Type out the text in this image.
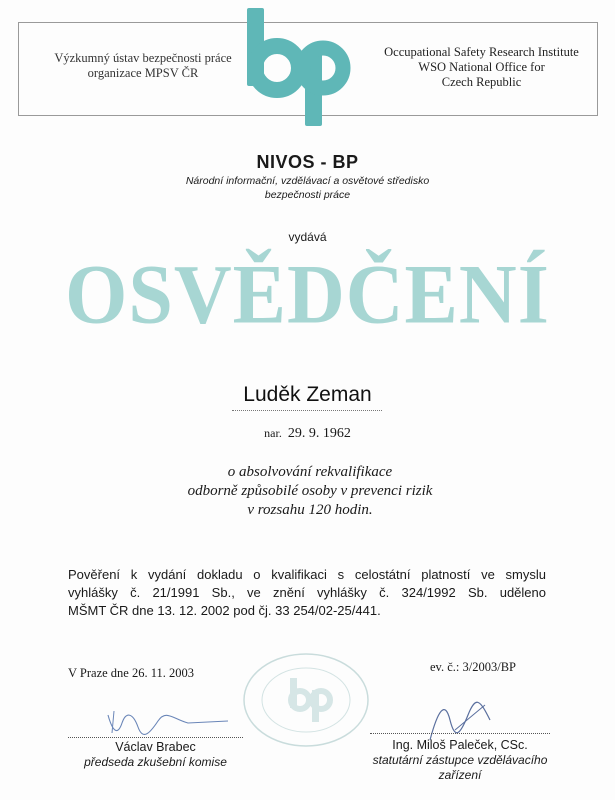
Výzkumný ústav bezpečnosti práce
organizace MPSV ČR
Occupational Safety Research Institute
WSO National Office for
Czech Republic
NIVOS - BP
Národní informační, vzdělávací a osvětové středisko
bezpečnosti práce
vydává
OSVĚDČENÍ
Luděk Zeman
nar. 29. 9. 1962
o absolvování rekvalifikace
odborně způsobilé osoby v prevenci rizik
v rozsahu 120 hodin.
Pověření k vydání dokladu o kvalifikaci s celostátní platností ve smyslu
vyhlášky č. 21/1991 Sb., ve znění vyhlášky č. 324/1992 Sb. uděleno
MŠMT ČR dne 13. 12. 2002 pod čj. 33 254/02-25/441.
V Praze dne 26. 11. 2003	ev. č.: 3/2003/BP
Václav Brabec
předseda zkušební komise
Ing. Miloš Paleček, CSc.
statutární zástupce vzdělávacího
zařízení
